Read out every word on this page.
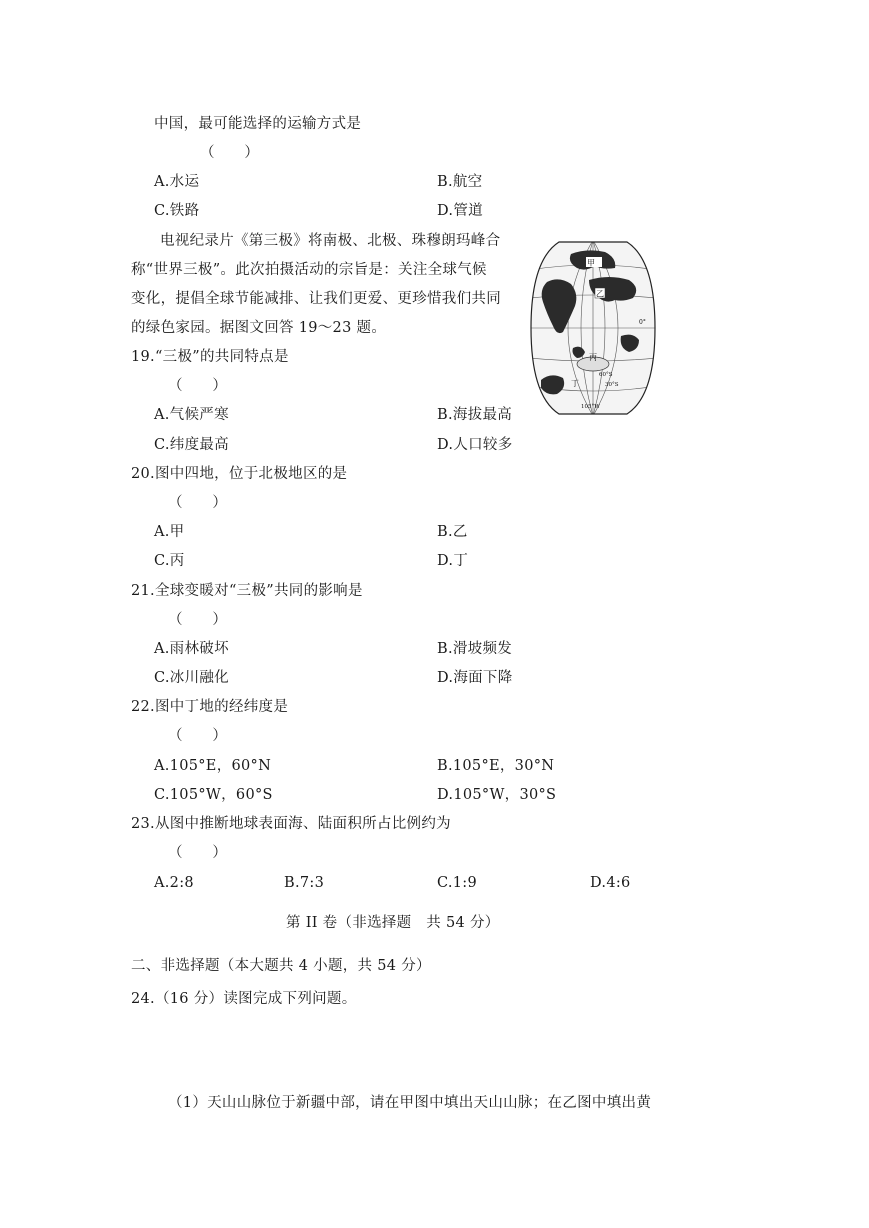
中国，最可能选择的运输方式是
（　　）
A.水运	B.航空
C.铁路	D.管道
电视纪录片《第三极》将南极、北极、珠穆朗玛峰合
称“世界三极”。此次拍摄活动的宗旨是：关注全球气候
变化，提倡全球节能减排、让我们更爱、更珍惜我们共同
的绿色家园。据图文回答 19～23 题。
甲
乙
丙
丁
0°
60°S
30°S
105°W
19.“三极”的共同特点是
（　　）
A.气候严寒	B.海拔最高
C.纬度最高	D.人口较多
20.图中四地，位于北极地区的是
（　　）
A.甲	B.乙
C.丙	D.丁
21.全球变暖对“三极”共同的影响是
（　　）
A.雨林破坏	B.滑坡频发
C.冰川融化	D.海面下降
22.图中丁地的经纬度是
（　　）
A.105°E，60°N	B.105°E，30°N
C.105°W，60°S	D.105°W，30°S
23.从图中推断地球表面海、陆面积所占比例约为
（　　）
A.2:8	B.7:3	C.1:9	D.4:6
第 II 卷（非选择题　共 54 分）
二、非选择题（本大题共 4 小题，共 54 分）
24.（16 分）读图完成下列问题。
（1）天山山脉位于新疆中部，请在甲图中填出天山山脉；在乙图中填出黄
